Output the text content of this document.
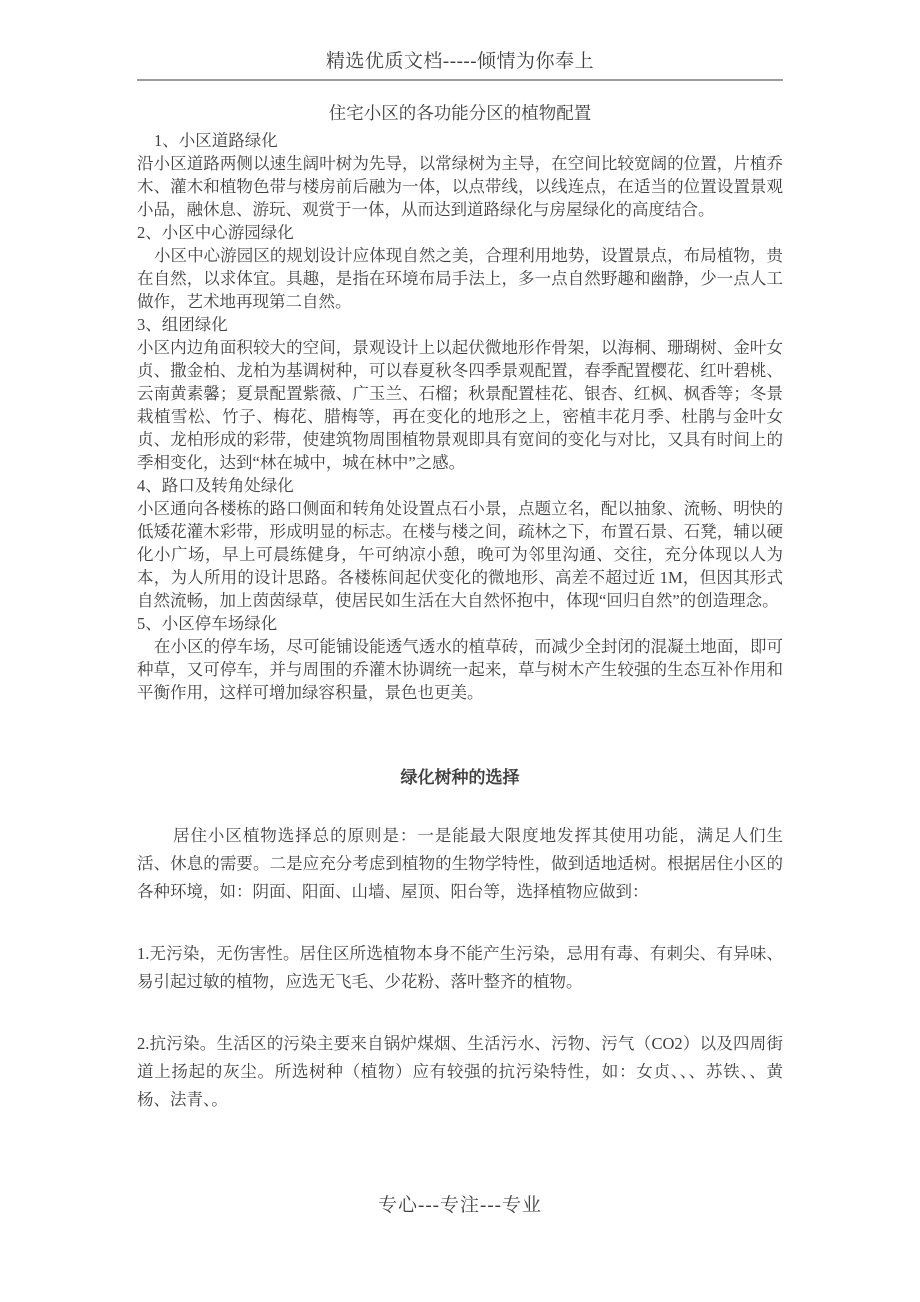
精选优质文档-----倾情为你奉上
住宅小区的各功能分区的植物配置

1、小区道路绿化

沿小区道路两侧以速生阔叶树为先导，以常绿树为主导，在空间比较宽阔的位置，片植乔木、灌木和植物色带与楼房前后融为一体，以点带线，以线连点，在适当的位置设置景观小品，融休息、游玩、观赏于一体，从而达到道路绿化与房屋绿化的高度结合。

2、小区中心游园绿化

小区中心游园区的规划设计应体现自然之美，合理利用地势，设置景点，布局植物，贵在自然，以求体宜。具趣，是指在环境布局手法上，多一点自然野趣和幽静，少一点人工做作，艺术地再现第二自然。

3、组团绿化

小区内边角面积较大的空间，景观设计上以起伏微地形作骨架，以海桐、珊瑚树、金叶女贞、撒金柏、龙柏为基调树种，可以春夏秋冬四季景观配置，春季配置樱花、红叶碧桃、云南黄素馨；夏景配置紫薇、广玉兰、石榴；秋景配置桂花、银杏、红枫、枫香等；冬景栽植雪松、竹子、梅花、腊梅等，再在变化的地形之上，密植丰花月季、杜鹃与金叶女贞、龙柏形成的彩带，使建筑物周围植物景观即具有宽间的变化与对比，又具有时间上的季相变化，达到“林在城中，城在林中”之感。

4、路口及转角处绿化

小区通向各楼栋的路口侧面和转角处设置点石小景，点题立名，配以抽象、流畅、明快的低矮花灌木彩带，形成明显的标志。在楼与楼之间，疏林之下，布置石景、石凳，辅以硬化小广场，早上可晨练健身，午可纳凉小憩，晚可为邻里沟通、交往，充分体现以人为本，为人所用的设计思路。各楼栋间起伏变化的微地形、高差不超过近 1M，但因其形式自然流畅，加上茵茵绿草，使居民如生活在大自然怀抱中，体现“回归自然”的创造理念。

5、小区停车场绿化

在小区的停车场，尽可能铺设能透气透水的植草砖，而减少全封闭的混凝土地面，即可种草，又可停车，并与周围的乔灌木协调统一起来，草与树木产生较强的生态互补作用和平衡作用，这样可增加绿容积量，景色也更美。

绿化树种的选择

居住小区植物选择总的原则是：一是能最大限度地发挥其使用功能，满足人们生活、休息的需要。二是应充分考虑到植物的生物学特性，做到适地适树。根据居住小区的各种环境，如：阴面、阳面、山墙、屋顶、阳台等，选择植物应做到：

1.无污染，无伤害性。居住区所选植物本身不能产生污染，忌用有毒、有刺尖、有异味、易引起过敏的植物，应选无飞毛、少花粉、落叶整齐的植物。

2.抗污染。生活区的污染主要来自锅炉煤烟、生活污水、污物、污气（CO2）以及四周街道上扬起的灰尘。所选树种（植物）应有较强的抗污染特性，如：女贞、、、苏铁、、黄杨、法青、。

专心---专注---专业
